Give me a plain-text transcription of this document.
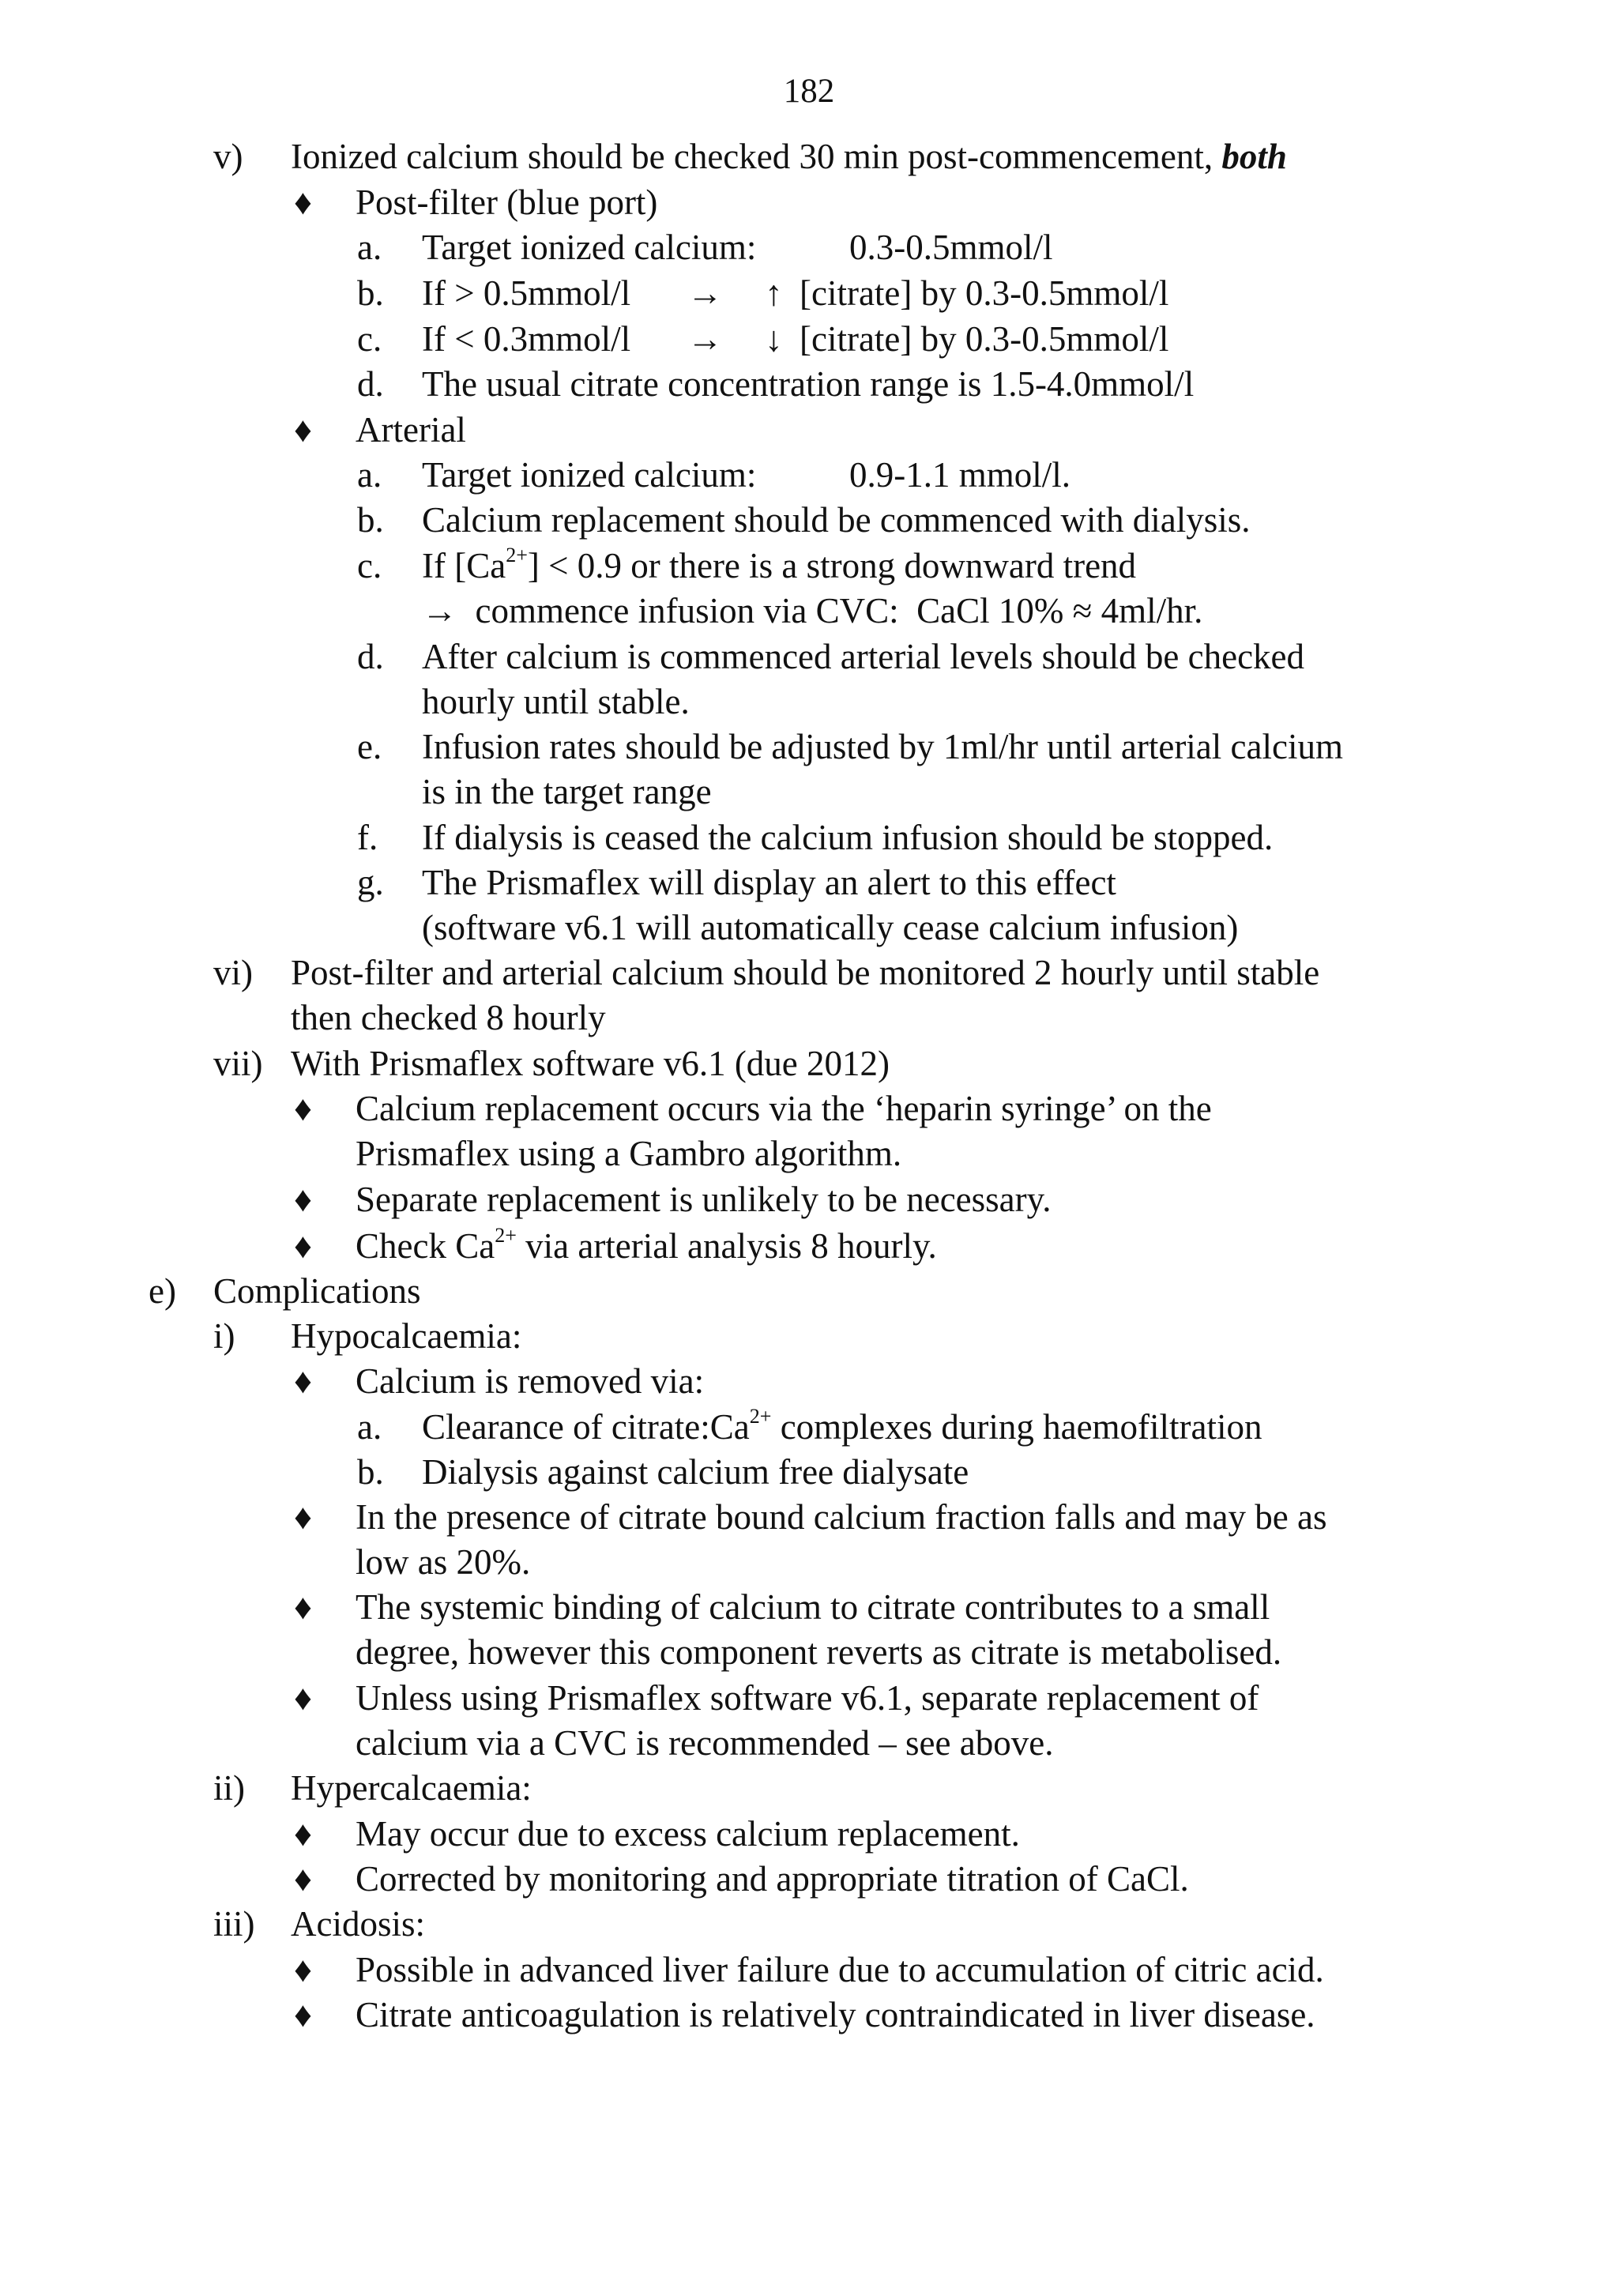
182
v) Ionized calcium should be checked 30 min post-commencement, both
♦ Post-filter (blue port)
a. Target ionized calcium:	0.3-0.5mmol/l
b. If > 0.5mmol/l → ↑ [citrate] by 0.3-0.5mmol/l
c. If < 0.3mmol/l → ↓ [citrate] by 0.3-0.5mmol/l
d. The usual citrate concentration range is 1.5-4.0mmol/l
♦ Arterial
a. Target ionized calcium:	0.9-1.1 mmol/l.
b. Calcium replacement should be commenced with dialysis.
c. If $[Ca^{2+}] < 0.9$ or there is a strong downward trend
→  commence infusion via CVC:  CaCl 10% ≈ 4ml/hr.
d. After calcium is commenced arterial levels should be checked
hourly until stable.
e. Infusion rates should be adjusted by 1ml/hr until arterial calcium
is in the target range
f. If dialysis is ceased the calcium infusion should be stopped.
g. The Prismaflex will display an alert to this effect
(software v6.1 will automatically cease calcium infusion)
vi) Post-filter and arterial calcium should be monitored 2 hourly until stable
then checked 8 hourly
vii) With Prismaflex software v6.1 (due 2012)
♦ Calcium replacement occurs via the ‘heparin syringe’ on the
Prismaflex using a Gambro algorithm.
♦ Separate replacement is unlikely to be necessary.
♦ Check $Ca^{2+}$ via arterial analysis 8 hourly.
e) Complications
i) Hypocalcaemia:
♦ Calcium is removed via:
a. Clearance of $citrate:Ca^{2+}$ complexes during haemofiltration
b. Dialysis against calcium free dialysate
♦ In the presence of citrate bound calcium fraction falls and may be as
low as 20%.
♦ The systemic binding of calcium to citrate contributes to a small
degree, however this component reverts as citrate is metabolised.
♦ Unless using Prismaflex software v6.1, separate replacement of
calcium via a CVC is recommended – see above.
ii) Hypercalcaemia:
♦ May occur due to excess calcium replacement.
♦ Corrected by monitoring and appropriate titration of CaCl.
iii) Acidosis:
♦ Possible in advanced liver failure due to accumulation of citric acid.
♦ Citrate anticoagulation is relatively contraindicated in liver disease.
